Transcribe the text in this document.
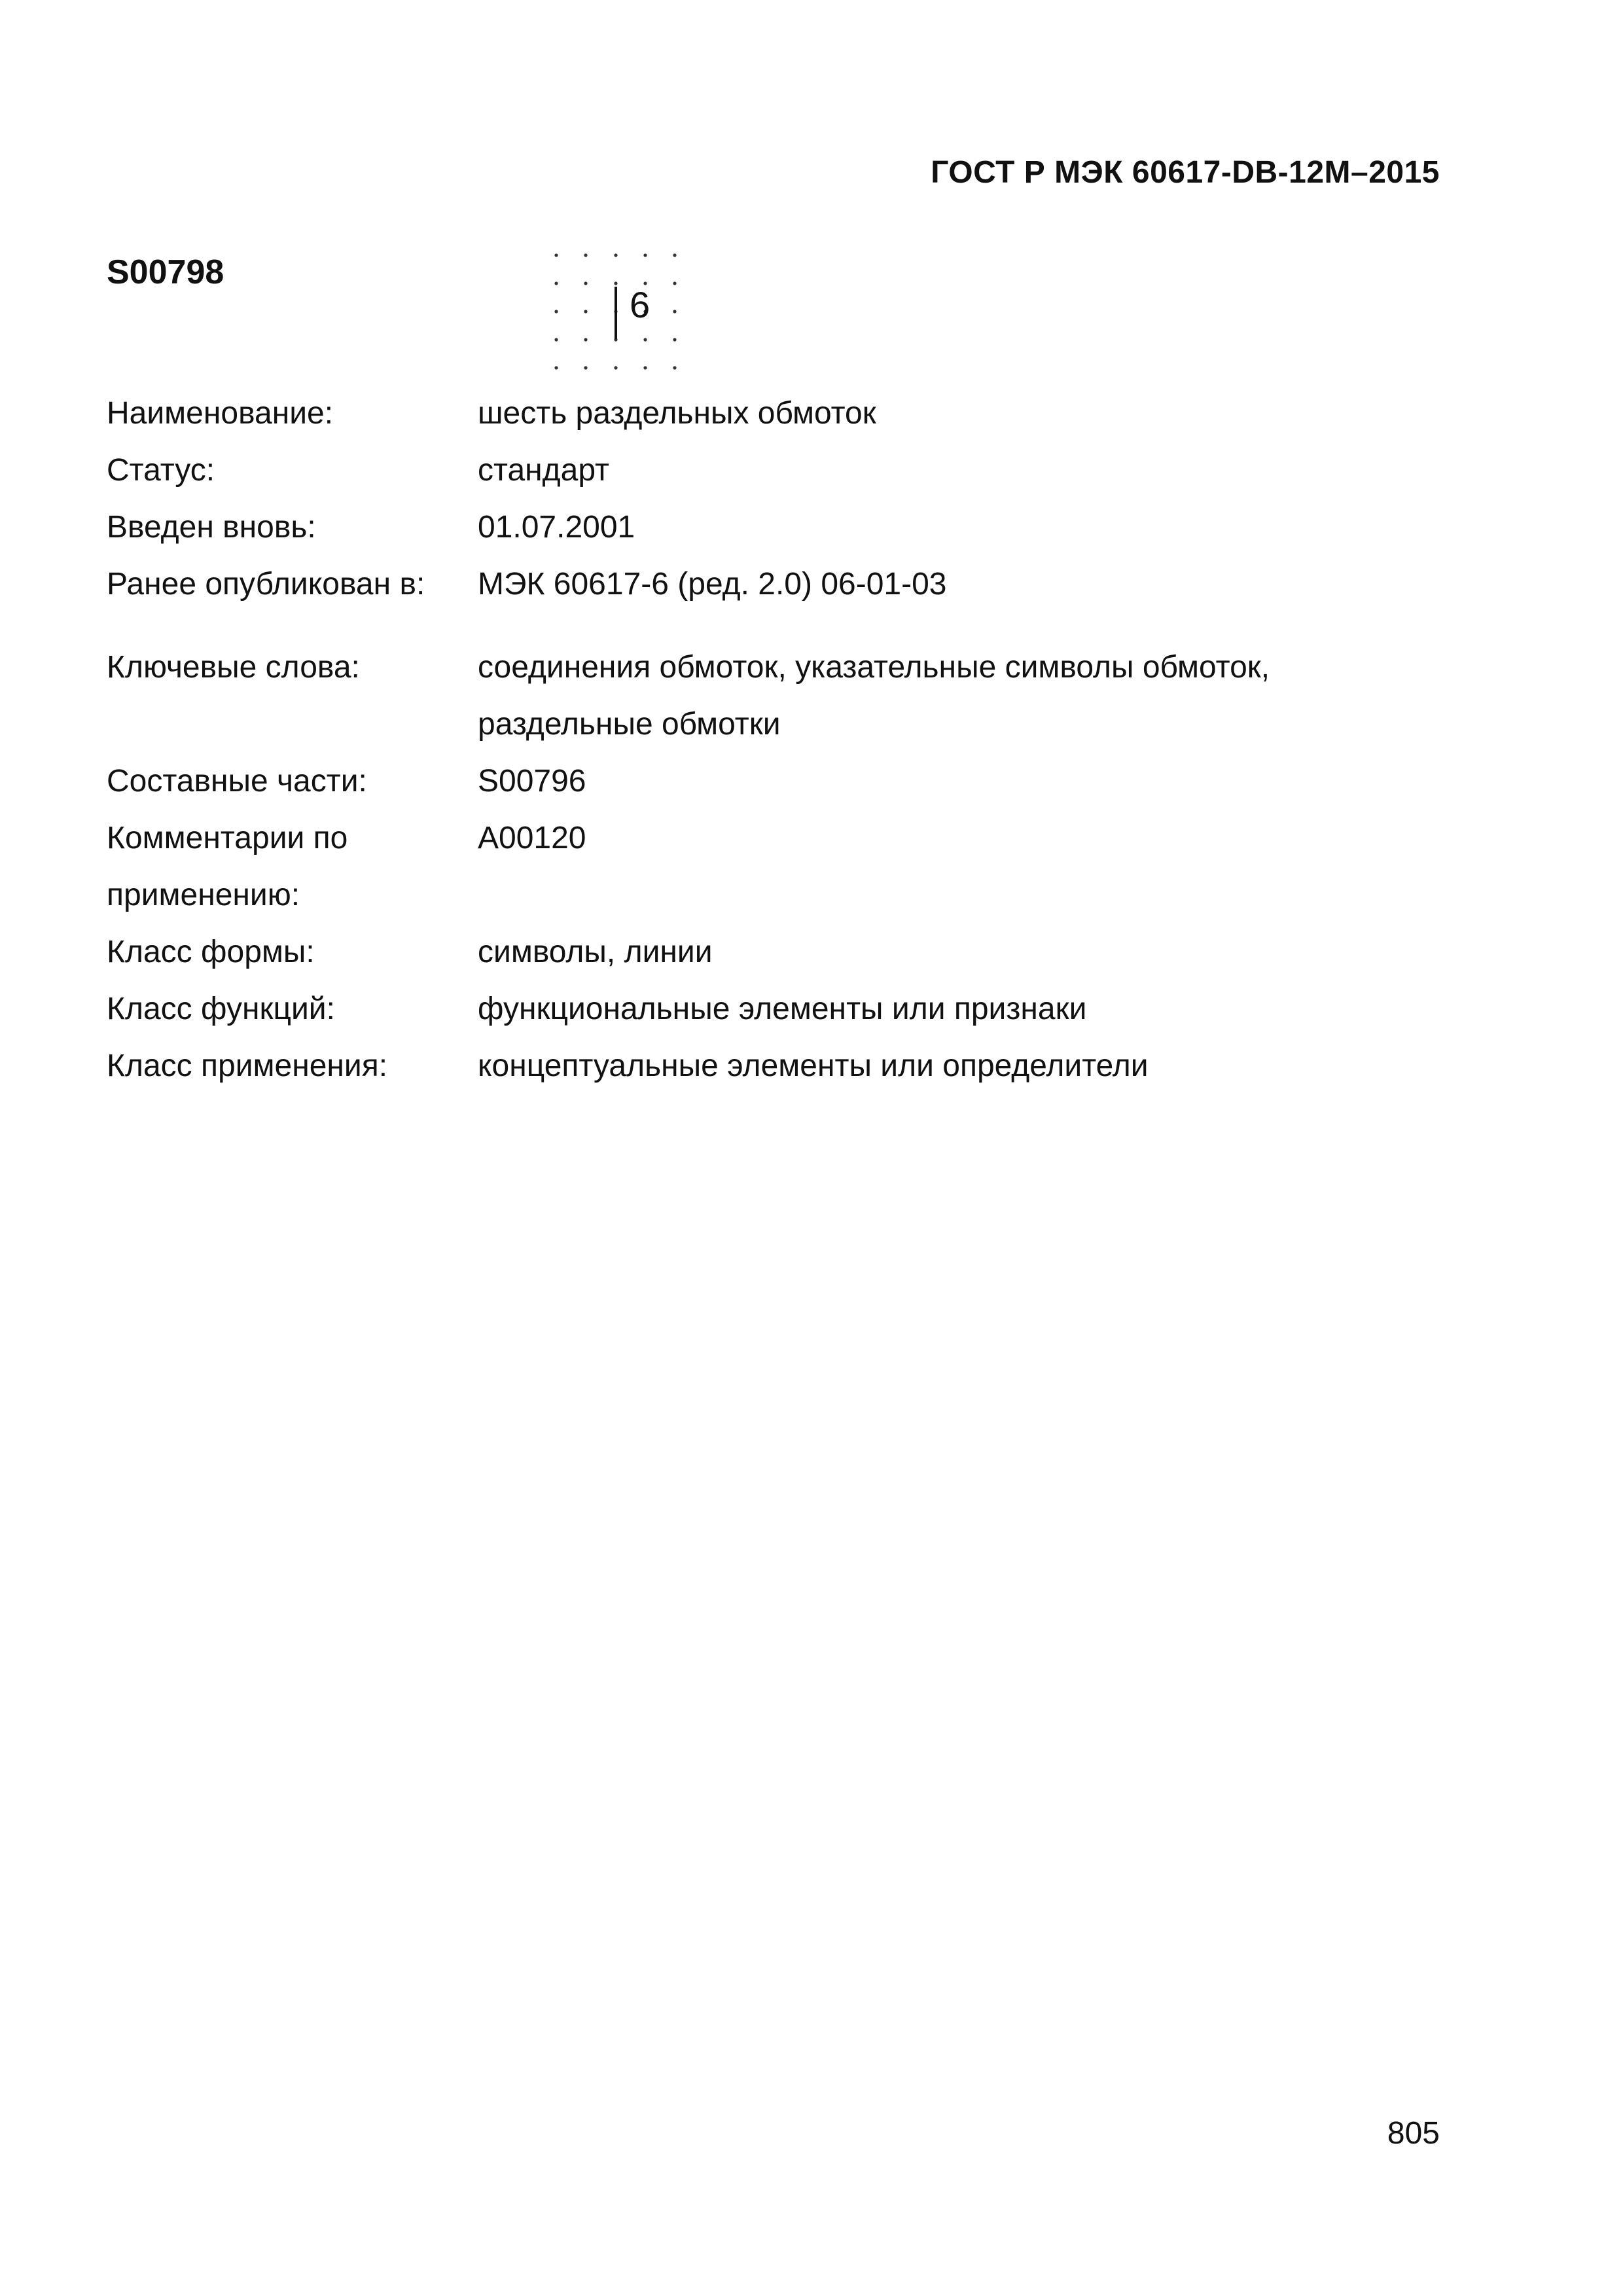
ГОСТ Р МЭК 60617-DB-12М–2015
S00798
6
Наименование:	шесть раздельных обмоток
Статус:	стандарт
Введен вновь:	01.07.2001
Ранее опубликован в:	МЭК 60617-6 (ред. 2.0) 06-01-03
Ключевые слова:	соединения обмоток, указательные символы обмоток,
раздельные обмотки

Составные части:	S00796

Комментарии по
применению:	A00120
Класс формы:	символы, линии
Класс функций:	функциональные элементы или признаки
Класс применения:	концептуальные элементы или определители
805
